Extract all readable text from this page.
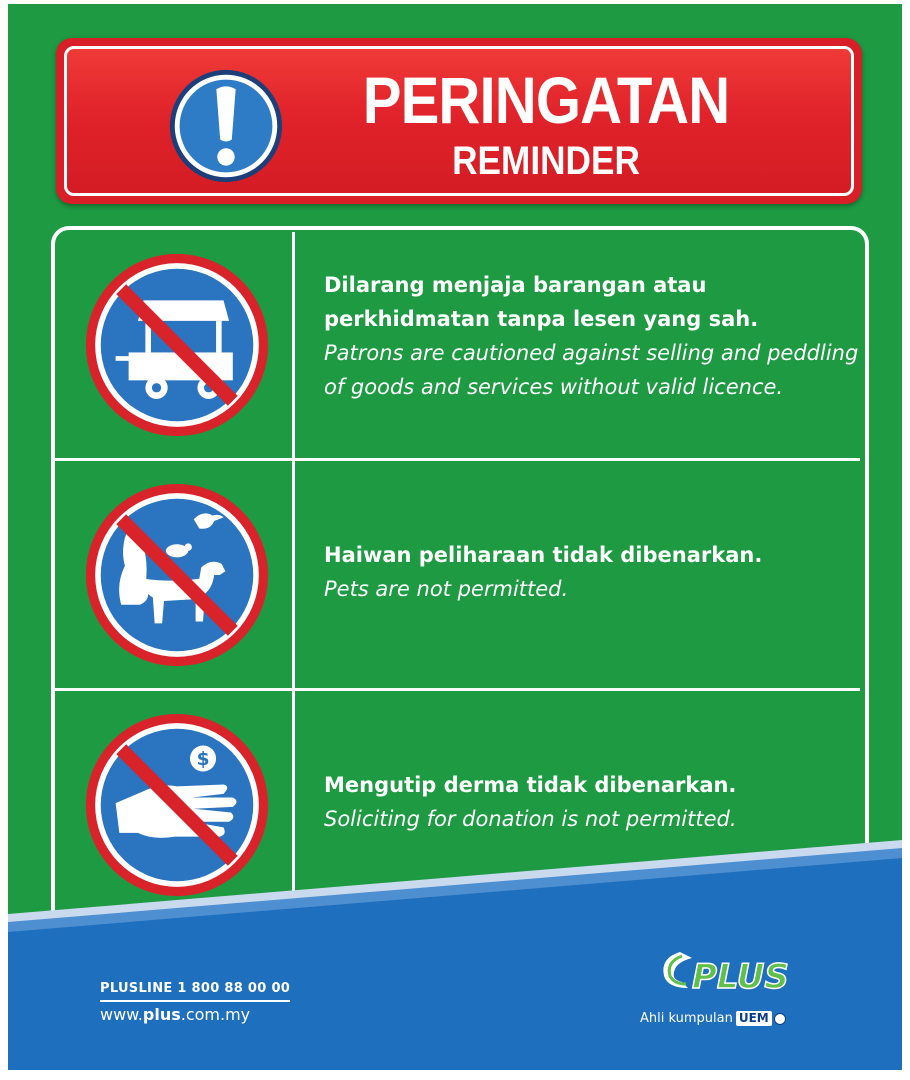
PERINGATAN
REMINDER
Dilarang menjaja barangan atau
perkhidmatan tanpa lesen yang sah.
Patrons are cautioned against selling and peddling
of goods and services without valid licence.
Haiwan peliharaan tidak dibenarkan.
Pets are not permitted.
$
Mengutip derma tidak dibenarkan.
Soliciting for donation is not permitted.
PLUSLINE 1 800 88 00 00
www.plus.com.my
PLUS
Ahli kumpulan UEM
